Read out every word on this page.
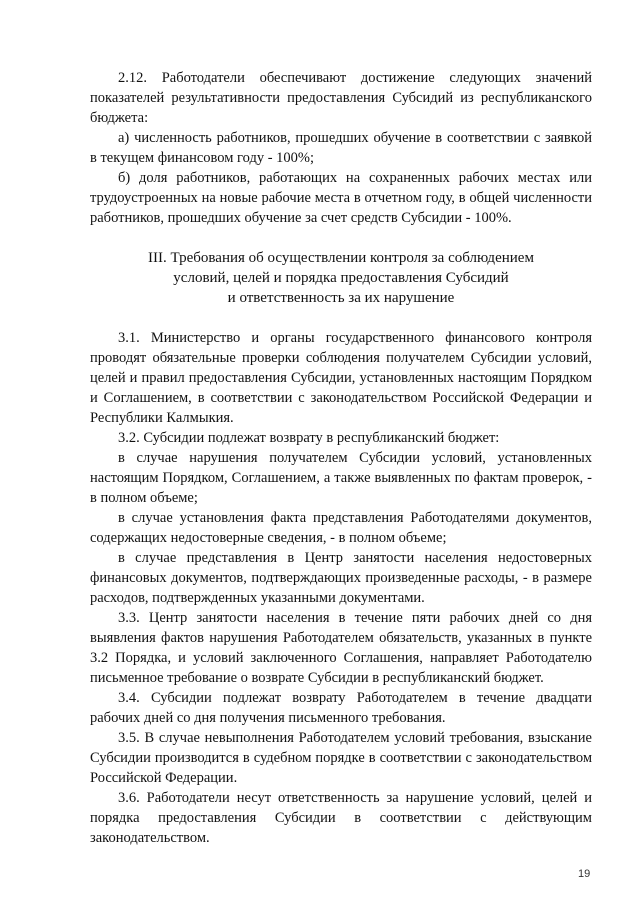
2.12. Работодатели обеспечивают достижение следующих значений показателей результативности предоставления Субсидий из республиканского бюджета:

а) численность работников, прошедших обучение в соответствии с заявкой в текущем финансовом году - 100%;

б) доля работников, работающих на сохраненных рабочих местах или трудоустроенных на новые рабочие места в отчетном году, в общей численности работников, прошедших обучение за счет средств Субсидии - 100%.

III. Требования об осуществлении контроля за соблюдением
условий, целей и порядка предоставления Субсидий
и ответственность за их нарушение

3.1. Министерство и органы государственного финансового контроля проводят обязательные проверки соблюдения получателем Субсидии условий, целей и правил предоставления Субсидии, установленных настоящим Порядком и Соглашением, в соответствии с законодательством Российской Федерации и Республики Калмыкия.

3.2. Субсидии подлежат возврату в республиканский бюджет:

в случае нарушения получателем Субсидии условий, установленных настоящим Порядком, Соглашением, а также выявленных по фактам проверок, - в полном объеме;

в случае установления факта представления Работодателями документов, содержащих недостоверные сведения, - в полном объеме;

в случае представления в Центр занятости населения недостоверных финансовых документов, подтверждающих произведенные расходы, - в размере расходов, подтвержденных указанными документами.

3.3. Центр занятости населения в течение пяти рабочих дней со дня выявления фактов нарушения Работодателем обязательств, указанных в пункте 3.2 Порядка, и условий заключенного Соглашения, направляет Работодателю письменное требование о возврате Субсидии в республиканский бюджет.

3.4. Субсидии подлежат возврату Работодателем в течение двадцати рабочих дней со дня получения письменного требования.

3.5. В случае невыполнения Работодателем условий требования, взыскание Субсидии производится в судебном порядке в соответствии с законодательством Российской Федерации.

3.6. Работодатели несут ответственность за нарушение условий, целей и порядка предоставления Субсидии в соответствии с действующим законодательством.

19
